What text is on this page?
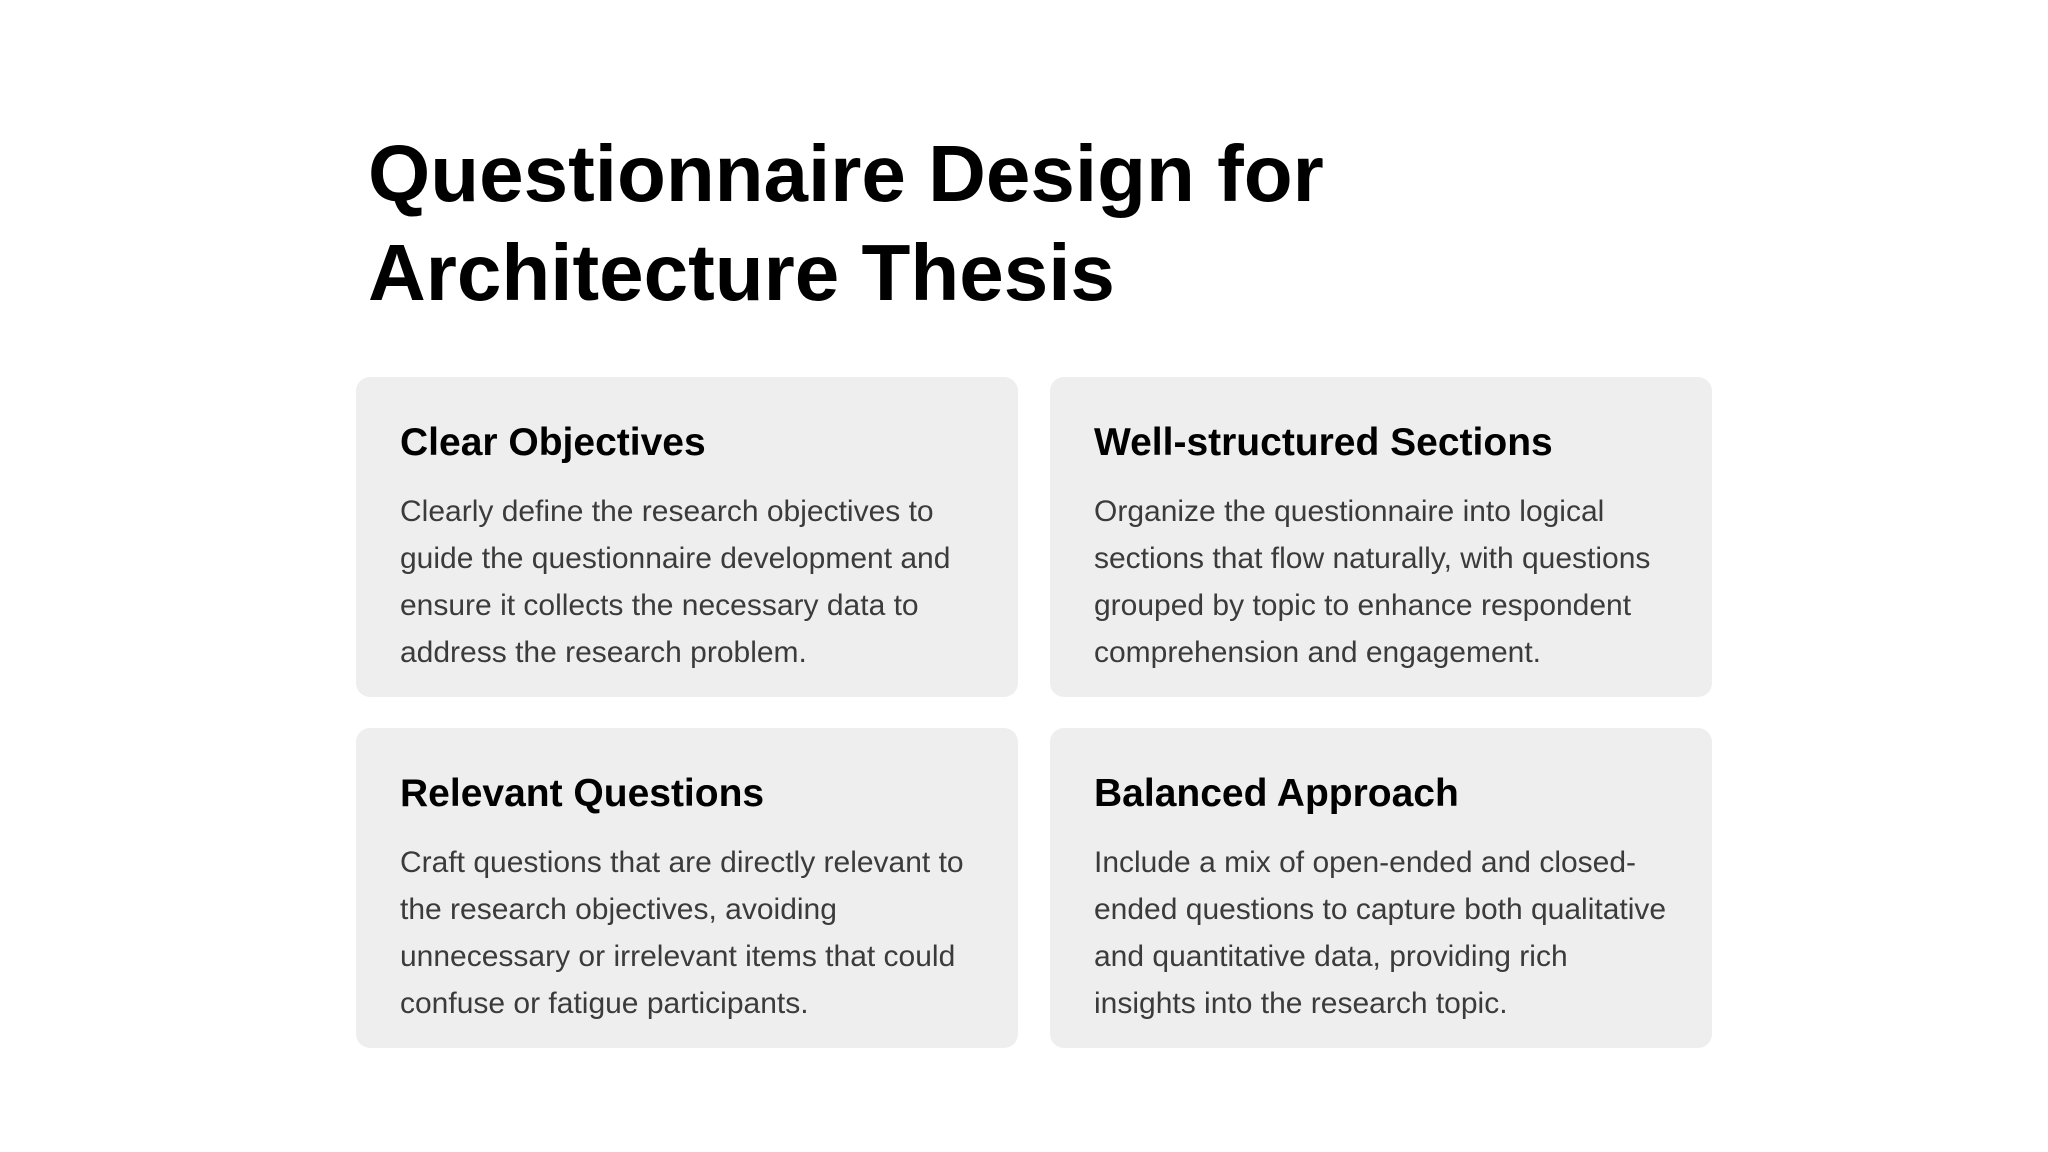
Questionnaire Design for Architecture Thesis
Clear Objectives

Clearly define the research objectives to guide the questionnaire development and ensure it collects the necessary data to address the research problem.

Well-structured Sections

Organize the questionnaire into logical sections that flow naturally, with questions grouped by topic to enhance respondent comprehension and engagement.

Relevant Questions

Craft questions that are directly relevant to the research objectives, avoiding unnecessary or irrelevant items that could confuse or fatigue participants.

Balanced Approach

Include a mix of open-ended and closed-ended questions to capture both qualitative and quantitative data, providing rich insights into the research topic.
